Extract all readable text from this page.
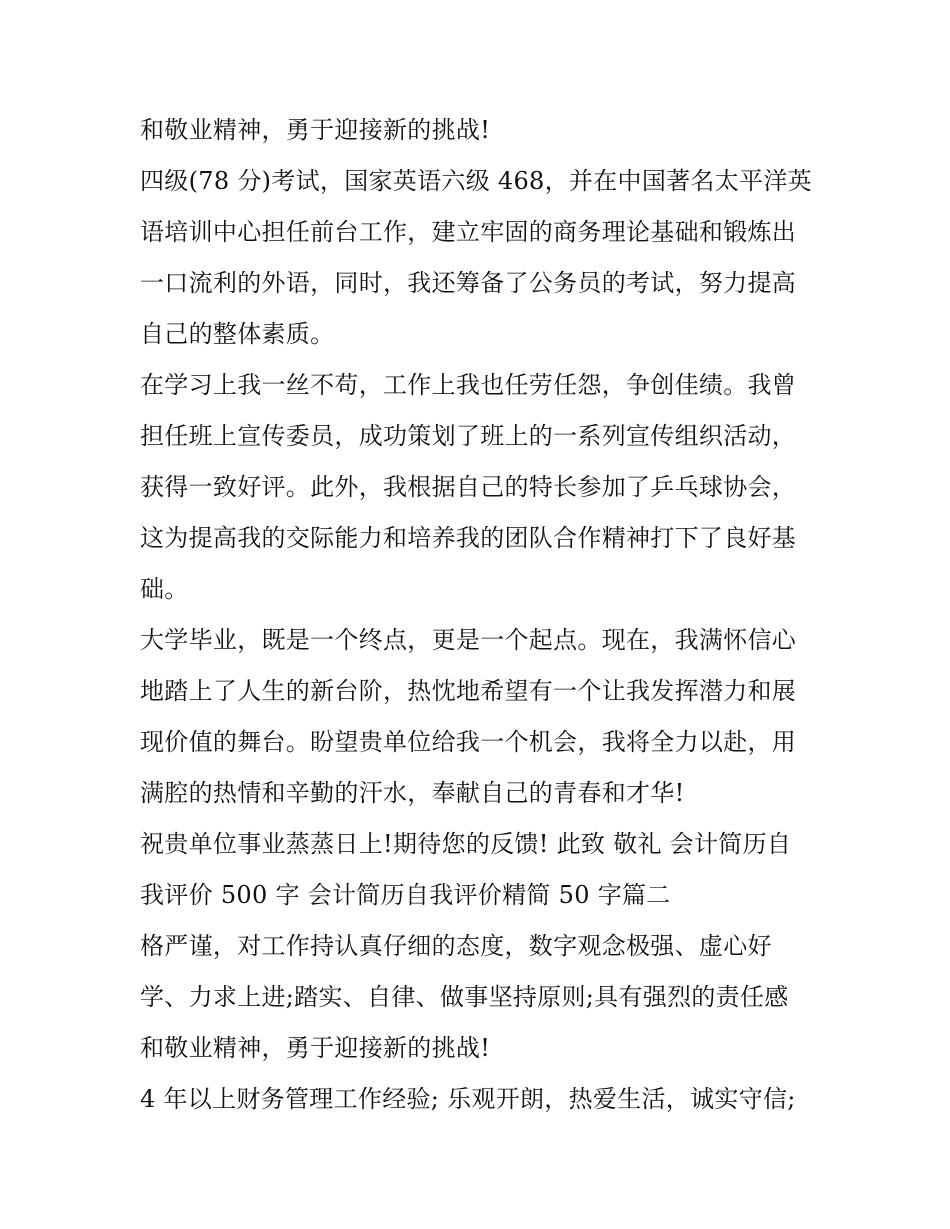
和敬业精神，勇于迎接新的挑战!

四级(78 分)考试，国家英语六级 468，并在中国著名太平洋英

语培训中心担任前台工作，建立牢固的商务理论基础和锻炼出

一口流利的外语，同时，我还筹备了公务员的考试，努力提高

自己的整体素质。

在学习上我一丝不苟，工作上我也任劳任怨，争创佳绩。我曾

担任班上宣传委员，成功策划了班上的一系列宣传组织活动，

获得一致好评。此外，我根据自己的特长参加了乒乓球协会，

这为提高我的交际能力和培养我的团队合作精神打下了良好基

础。

大学毕业，既是一个终点，更是一个起点。现在，我满怀信心

地踏上了人生的新台阶，热忱地希望有一个让我发挥潜力和展

现价值的舞台。盼望贵单位给我一个机会，我将全力以赴，用

满腔的热情和辛勤的汗水，奉献自己的青春和才华!

祝贵单位事业蒸蒸日上!期待您的反馈! 此致 敬礼 会计简历自

我评价 500 字 会计简历自我评价精简 50 字篇二

格严谨，对工作持认真仔细的态度，数字观念极强、虚心好

学、力求上进;踏实、自律、做事坚持原则;具有强烈的责任感

和敬业精神，勇于迎接新的挑战!

4 年以上财务管理工作经验; 乐观开朗，热爱生活，诚实守信;
